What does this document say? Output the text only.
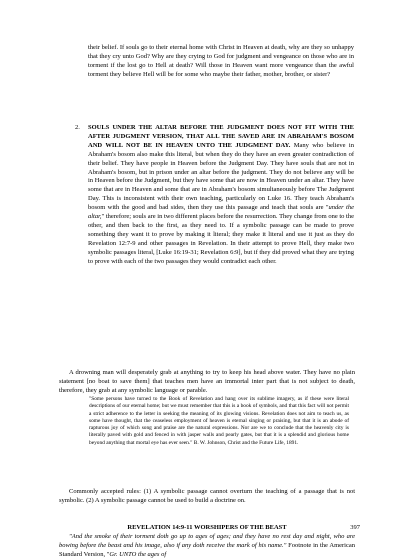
their belief. If souls go to their eternal home with Christ in Heaven at death, why are they so unhappy that they cry unto God? Why are they crying to God for judgment and vengeance on those who are in torment if the lost go to Hell at death? Will those in Heaven want more vengeance than the awful torment they believe Hell will be for some who maybe their father, mother, brother, or sister?

2. SOULS UNDER THE ALTAR BEFORE THE JUDGMENT DOES NOT FIT WITH THE AFTER JUDGMENT VERSION, THAT ALL THE SAVED ARE IN ABRAHAM'S BOSOM AND WILL NOT BE IN HEAVEN UNTO THE JUDGMENT DAY. Many who believe in Abraham's bosom also make this literal, but when they do they have an even greater contradiction of their belief. They have people in Heaven before the Judgment Day. They have souls that are not in Abraham's bosom, but in prison under an altar before the judgment. They do not believe any will be in Heaven before the Judgment, but they have some that are now in Heaven under an altar. They have some that are in Heaven and some that are in Abraham's bosom simultaneously before The Judgment Day. This is inconsistent with their own teaching, particularly on Luke 16. They teach Abraham's bosom with the good and bad sides, then they use this passage and teach that souls are "under the altar," therefore; souls are in two different places before the resurrection. They change from one to the other, and then back to the first, as they need to. If a symbolic passage can be made to prove something they want it to prove by making it literal; they make it literal and use it just as they do Revelation 12:7-9 and other passages in Revelation. In their attempt to prove Hell, they make two symbolic passages literal, [Luke 16:19-31; Revelation 6:9], but if they did proved what they are trying to prove with each of the two passages they would contradict each other.

A drowning man will desperately grab at anything to try to keep his head above water. They have no plain statement [no boat to save them] that teaches men have an immortal inter part that is not subject to death, therefore, they grab at any symbolic language or parable.

"Some persons have turned to the Book of Revelation and hang over its sublime imagery, as if these were literal descriptions of our eternal home; but we must remember that this is a book of symbols, and that this fact will not permit a strict adherence to the letter in seeking the meaning of its glowing visions. Revelation does not aim to teach us, as some have thought, that the ceaseless employment of heaven is eternal singing or praising, but that it is an abode of rapturous joy of which song and praise are the natural expressions. Nor are we to conclude that the heavenly city is literally paved with gold and fenced in with jasper walls and pearly gates, but that it is a splendid and glorious home beyond anything that mortal eye has ever seen." B. W. Johnson, Christ and the Future Life, 1891.

Commonly accepted rules: (1) A symbolic passage cannot overturn the teaching of a passage that is not symbolic. (2) A symbolic passage cannot be used to build a doctrine on.

REVELATION 14:9-11 WORSHIPERS OF THE BEAST

"And the smoke of their torment doth go up to ages of ages; and they have no rest day and night, who are bowing before the beast and his image, also if any doth receive the mark of his name." Footnote in the American Standard Version, "Gr. UNTO the ages of

397
